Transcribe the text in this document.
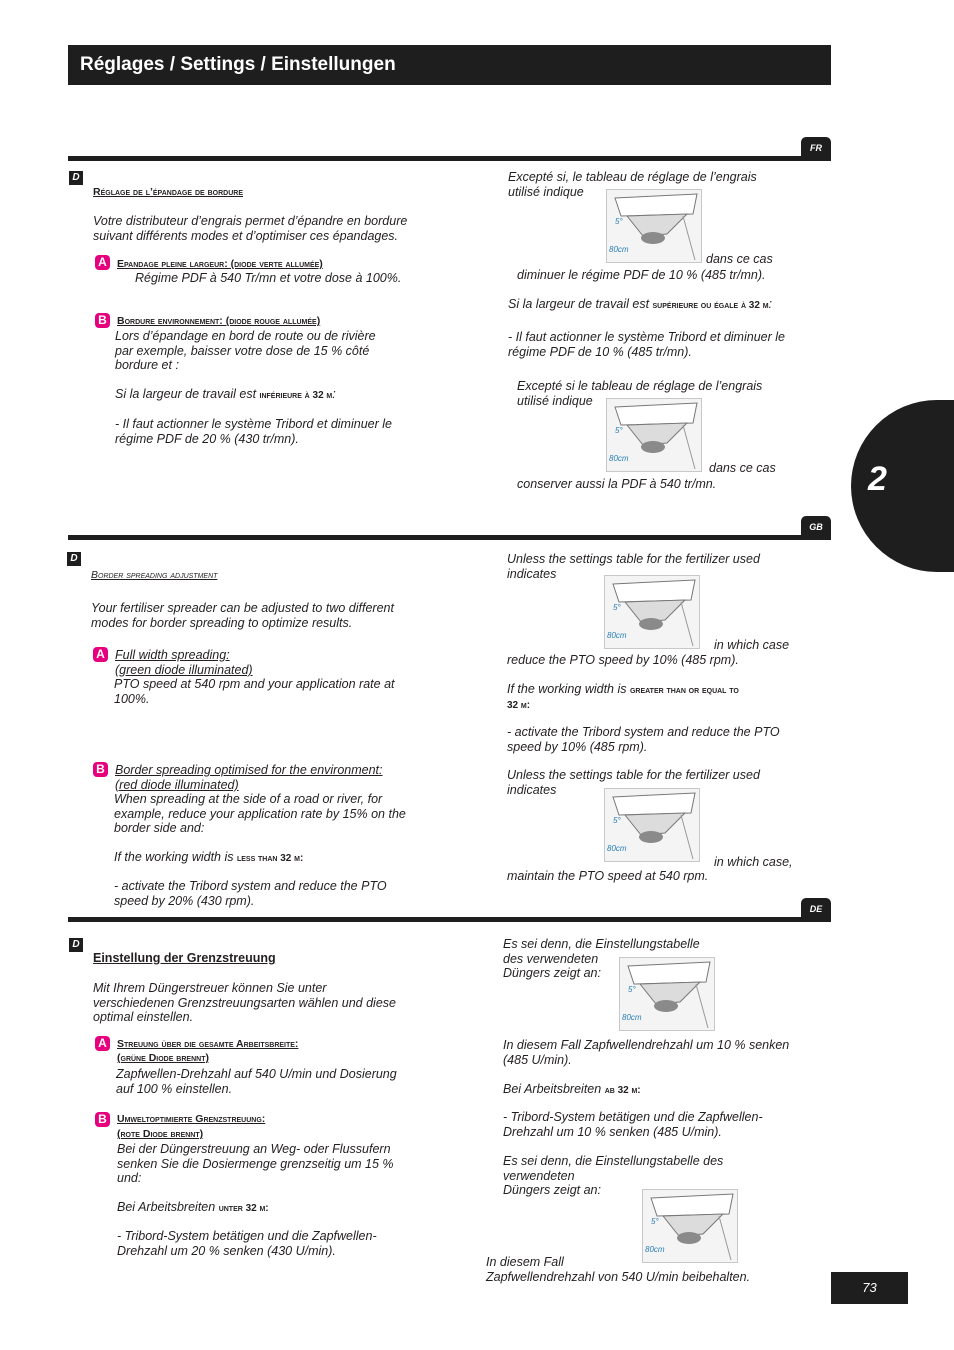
Réglages / Settings / Einstellungen
2
FR
D
Réglage de l’épandage de bordure
Votre distributeur d’engrais permet d’épandre en bordure
suivant différents modes et d’optimiser ces épandages.
A Epandage pleine largeur: (diode verte allumée)
Régime PDF à 540 Tr/mn et votre dose à 100%.
B Bordure environnement: (diode rouge allumée)
Lors d’épandage en bord de route ou de rivière
par exemple, baisser votre dose de 15 % côté
bordure et :
Si la largeur de travail est inférieure à 32 m:
- Il faut actionner le système Tribord et diminuer le
régime PDF de 20 % (430 tr/mn).
Excepté si, le tableau de réglage de l’engrais
utilisé indique
5°
80cm
dans ce cas
diminuer le régime PDF de 10 % (485 tr/mn).
Si la largeur de travail est supérieure ou égale à 32 m:
- Il faut actionner le système Tribord et diminuer le
régime PDF de 10 % (485 tr/mn).
Excepté si le tableau de réglage de l’engrais
utilisé indique
5°
80cm
dans ce cas
conserver aussi la PDF à 540 tr/mn.
GB
D
Border spreading adjustment
Your fertiliser spreader can be adjusted to two different
modes for border spreading to optimize results.
A Full width spreading:
(green diode illuminated)
PTO speed at 540 rpm and your application rate at
100%.
B Border spreading optimised for the environment:
(red diode illuminated)
When spreading at the side of a road or river, for
example, reduce your application rate by 15% on the
border side and:
If the working width is less than 32 m:
- activate the Tribord system and reduce the PTO
speed by 20% (430 rpm).
Unless the settings table for the fertilizer used
indicates
5°
80cm
in which case
reduce the PTO speed by 10% (485 rpm).
If the working width is greater than or equal to
32 m:
- activate the Tribord system and reduce the PTO
speed by 10% (485 rpm).
Unless the settings table for the fertilizer used
indicates
5°
80cm
in which case,
maintain the PTO speed at 540 rpm.
DE
D
Einstellung der Grenzstreuung
Mit Ihrem Düngerstreuer können Sie unter
verschiedenen Grenzstreuungsarten wählen und diese
optimal einstellen.
A Streuung über die gesamte Arbeitsbreite:
(grüne Diode brennt)
Zapfwellen-Drehzahl auf 540 U/min und Dosierung
auf 100 % einstellen.
B Umweltoptimierte Grenzstreuung:
(rote Diode brennt)
Bei der Düngerstreuung an Weg- oder Flussufern
senken Sie die Dosiermenge grenzseitig um 15 %
und:
Bei Arbeitsbreiten unter 32 m:
- Tribord-System betätigen und die Zapfwellen-
Drehzahl um 20 % senken (430 U/min).
Es sei denn, die Einstellungstabelle
des verwendeten
Düngers zeigt an:
5°
80cm
In diesem Fall Zapfwellendrehzahl um 10 % senken
(485 U/min).
Bei Arbeitsbreiten ab 32 m:
- Tribord-System betätigen und die Zapfwellen-
Drehzahl um 10 % senken (485 U/min).
Es sei denn, die Einstellungstabelle des
verwendeten
Düngers zeigt an:
5°
80cm
In diesem Fall
Zapfwellendrehzahl von 540 U/min beibehalten.
73
